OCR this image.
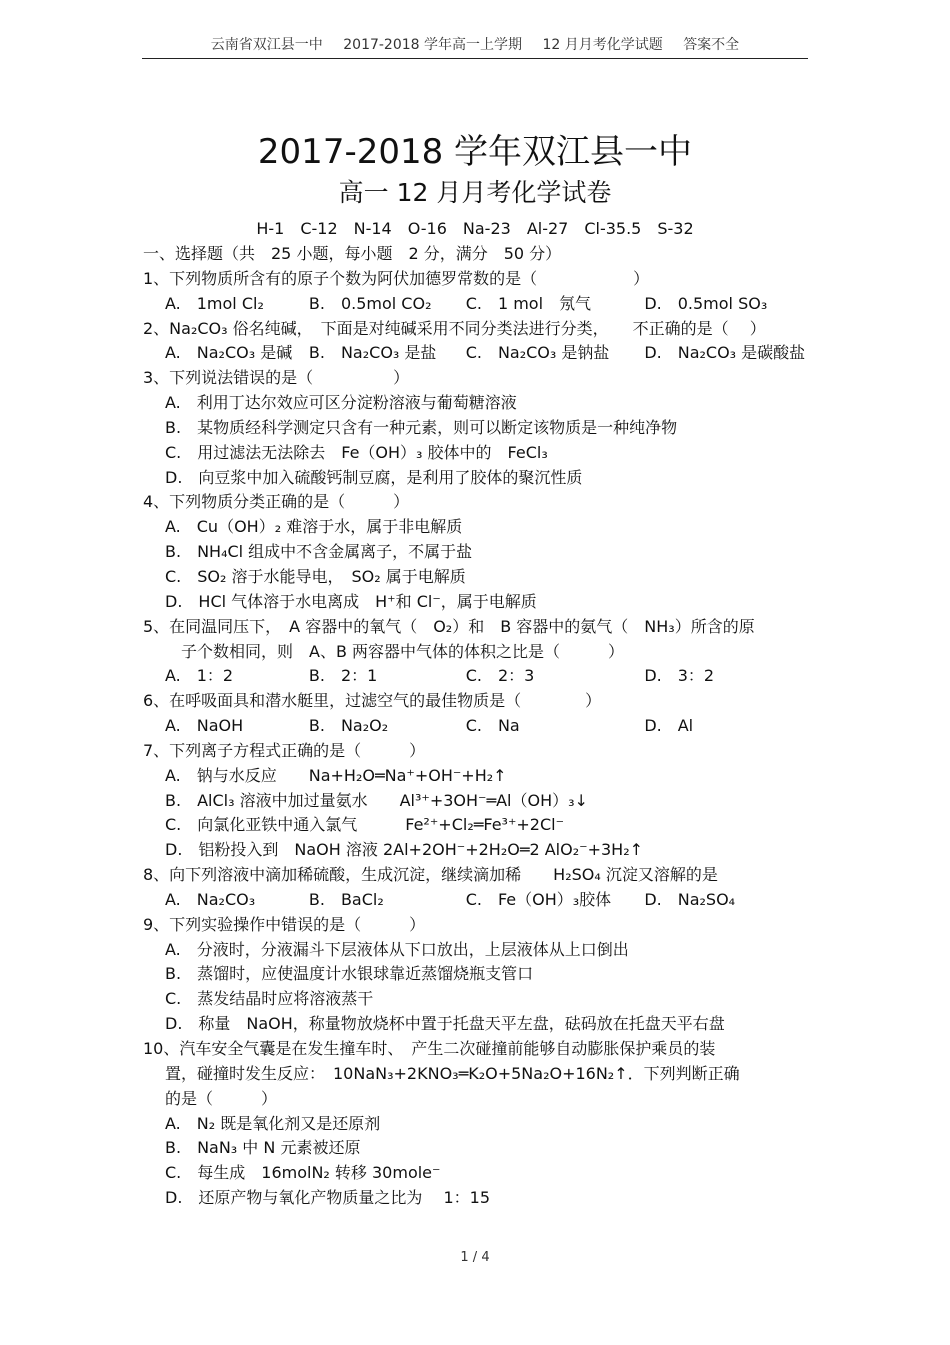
云南省双江县一中 2017-2018 学年高一上学期 12 月月考化学试题 答案不全
2017-2018 学年双江县一中
高一 12 月月考化学试卷
H-1 C-12 N-14 O-16 Na-23 Al-27 Cl-35.5 S-32
一、选择题（共　25 小题，每小题　2 分，满分　50 分）
1、下列物质所含有的原子个数为阿伏加德罗常数的是（　　　　　　）
A.　1mol Cl₂	B.　0.5mol CO₂	C.　1 mol　氖气	D.　0.5mol SO₃
2、Na₂CO₃ 俗名纯碱，　下面是对纯碱采用不同分类法进行分类，　　不正确的是（　 ）
A.　Na₂CO₃ 是碱	B.　Na₂CO₃ 是盐	C.　Na₂CO₃ 是钠盐	D.　Na₂CO₃ 是碳酸盐
3、下列说法错误的是（　　　　　）
A.　利用丁达尔效应可区分淀粉溶液与葡萄糖溶液
B.　某物质经科学测定只含有一种元素，则可以断定该物质是一种纯净物
C.　用过滤法无法除去　Fe（OH）₃ 胶体中的　FeCl₃
D.　向豆浆中加入硫酸钙制豆腐，是利用了胶体的聚沉性质
4、下列物质分类正确的是（　　　）
A.　Cu（OH）₂ 难溶于水，属于非电解质
B.　NH₄Cl 组成中不含金属离子，不属于盐
C.　SO₂ 溶于水能导电，　SO₂ 属于电解质
D.　HCl 气体溶于水电离成　H⁺和 Cl⁻，属于电解质
5、在同温同压下，　A 容器中的氧气（　O₂）和　B 容器中的氨气（　NH₃）所含的原
子个数相同，则　A、B 两容器中气体的体积之比是（　　　）
A.　1：2	B.　2：1	C.　2：3	D.　3：2
6、在呼吸面具和潜水艇里，过滤空气的最佳物质是（　　　　）
A.　NaOH	B.　Na₂O₂	C.　Na	D.　Al
7、下列离子方程式正确的是（　　　）
A.　钠与水反应　　Na+H₂O═Na⁺+OH⁻+H₂↑
B.　AlCl₃ 溶液中加过量氨水　　Al³⁺+3OH⁻═Al（OH）₃↓
C.　向氯化亚铁中通入氯气　　　Fe²⁺+Cl₂═Fe³⁺+2Cl⁻
D.　铝粉投入到　NaOH 溶液 2Al+2OH⁻+2H₂O═2 AlO₂⁻+3H₂↑
8、向下列溶液中滴加稀硫酸，生成沉淀，继续滴加稀　　H₂SO₄ 沉淀又溶解的是
A.　Na₂CO₃	B.　BaCl₂	C.　Fe（OH）₃胶体	D.　Na₂SO₄
9、下列实验操作中错误的是（　　　）
A.　分液时，分液漏斗下层液体从下口放出，上层液体从上口倒出
B.　蒸馏时，应使温度计水银球靠近蒸馏烧瓶支管口
C.　蒸发结晶时应将溶液蒸干
D.　称量　NaOH，称量物放烧杯中置于托盘天平左盘，砝码放在托盘天平右盘
10、汽车安全气囊是在发生撞车时、　产生二次碰撞前能够自动膨胀保护乘员的装
置，碰撞时发生反应：　10NaN₃+2KNO₃═K₂O+5Na₂O+16N₂↑．下列判断正确
的是（　　　）
A.　N₂ 既是氧化剂又是还原剂
B.　NaN₃ 中 N 元素被还原
C.　每生成　16molN₂ 转移 30mole⁻
D.　还原产物与氧化产物质量之比为　 1：15
1 / 4
